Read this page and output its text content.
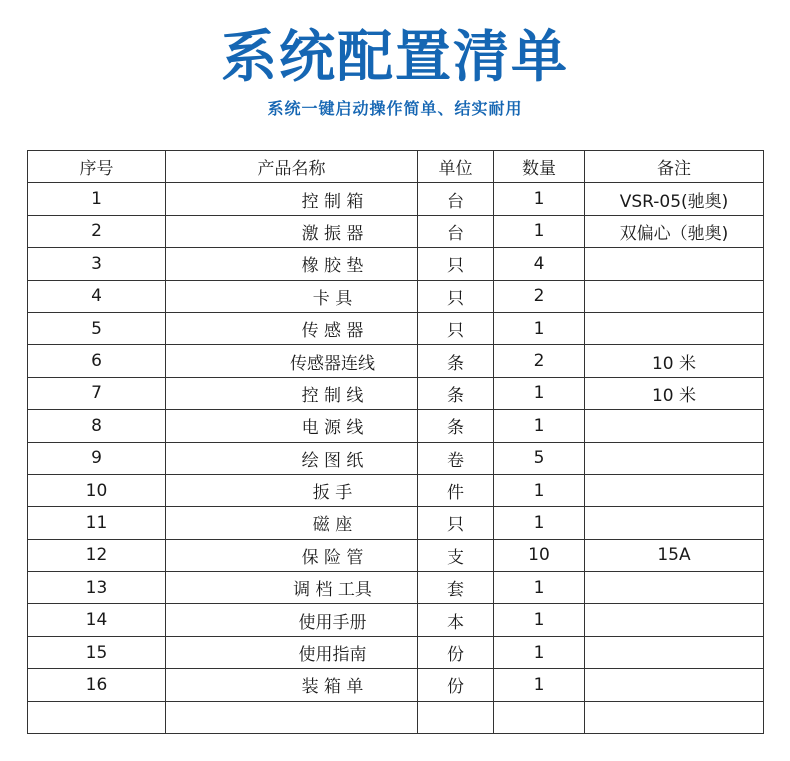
系统配置清单
系统一键启动操作简单、结实耐用
序号	产品名称	单位	数量	备注
1	控 制 箱	台	1	VSR-05(驰奥)
2	激 振 器	台	1	双偏心（驰奥)
3	橡 胶 垫	只	4	
4	卡 具	只	2	
5	传 感 器	只	1	
6	传感器连线	条	2	10 米
7	控 制 线	条	1	10 米
8	电 源 线	条	1	
9	绘 图 纸	卷	5	
10	扳 手	件	1	
11	磁 座	只	1	
12	保 险 管	支	10	15A
13	调 档 工具	套	1	
14	使用手册	本	1	
15	使用指南	份	1	
16	装 箱 单	份	1	
